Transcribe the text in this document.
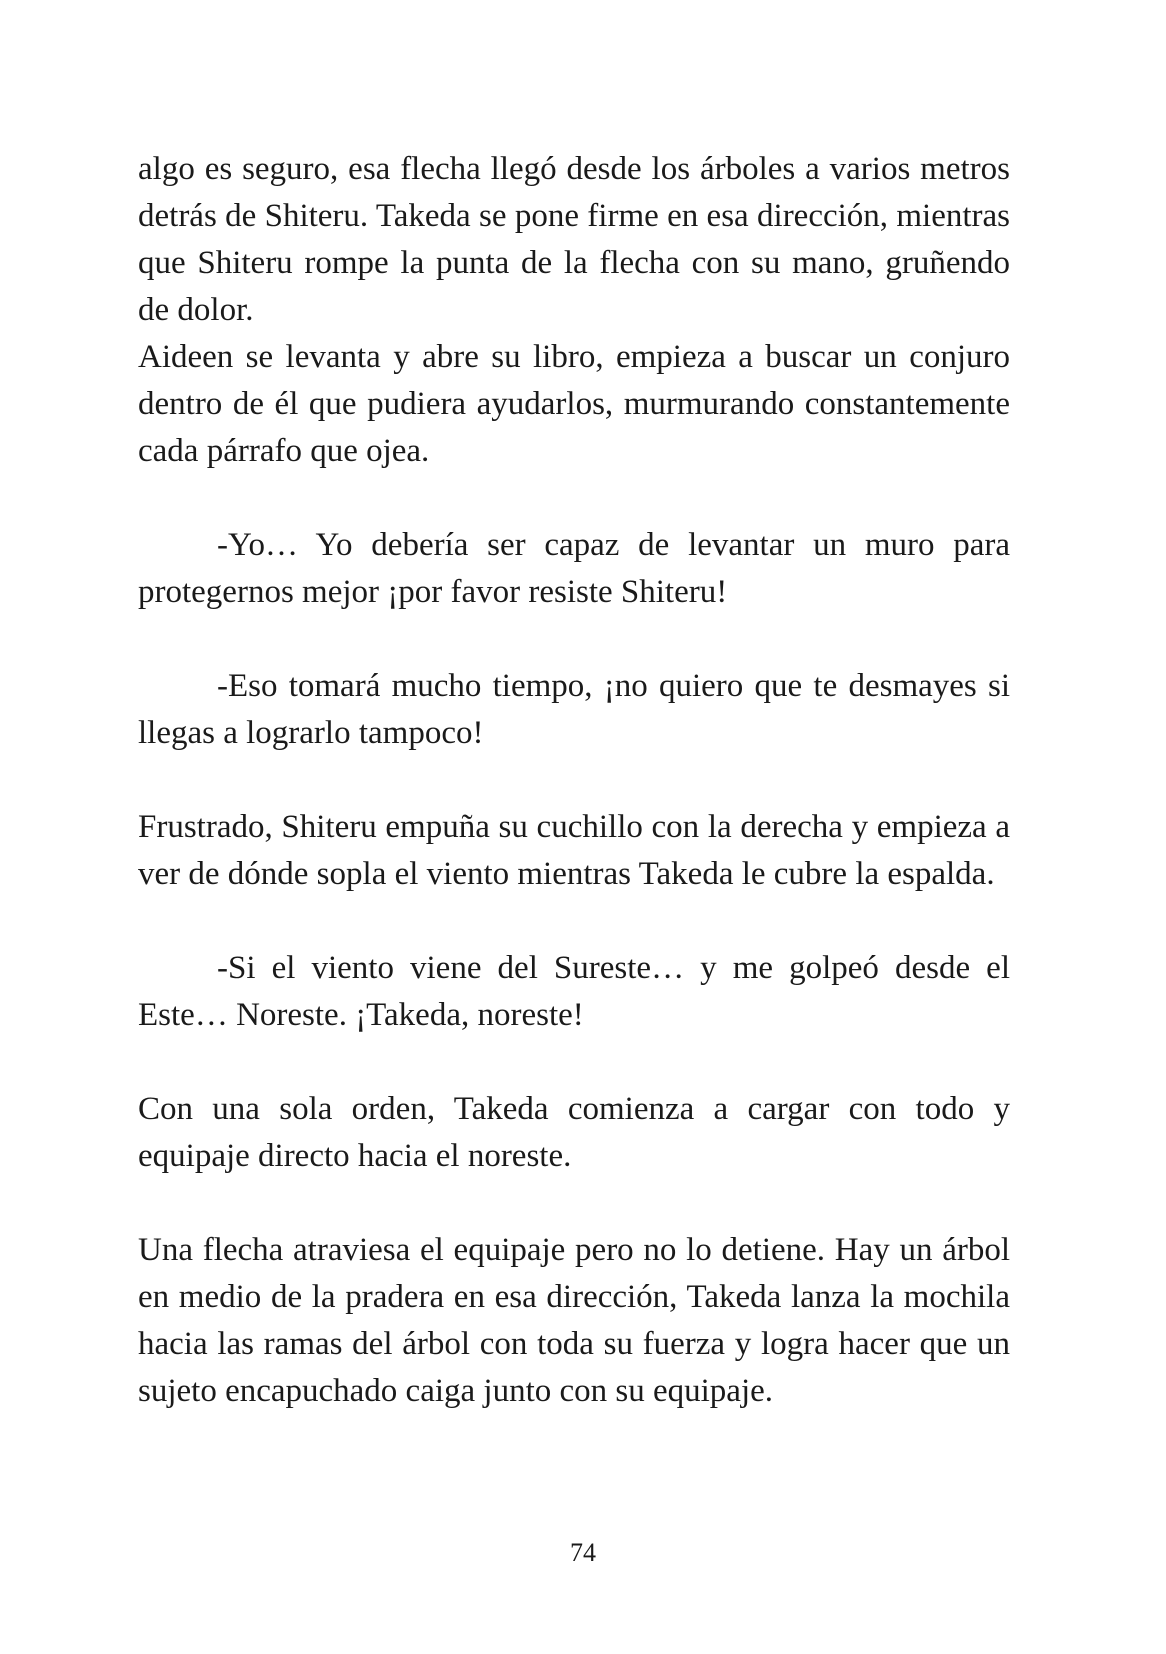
algo es seguro, esa flecha llegó desde los árboles a varios metros detrás de Shiteru. Takeda se pone firme en esa dirección, mientras que Shiteru rompe la punta de la flecha con su mano, gruñendo de dolor.

Aideen se levanta y abre su libro, empieza a buscar un conjuro dentro de él que pudiera ayudarlos, murmurando constantemente cada párrafo que ojea.

-Yo… Yo debería ser capaz de levantar un muro para protegernos mejor ¡por favor resiste Shiteru!

-Eso tomará mucho tiempo, ¡no quiero que te desmayes si llegas a lograrlo tampoco!

Frustrado, Shiteru empuña su cuchillo con la derecha y empieza a ver de dónde sopla el viento mientras Takeda le cubre la espalda.

-Si el viento viene del Sureste… y me golpeó desde el Este… Noreste. ¡Takeda, noreste!

Con una sola orden, Takeda comienza a cargar con todo y equipaje directo hacia el noreste.

Una flecha atraviesa el equipaje pero no lo detiene. Hay un árbol en medio de la pradera en esa dirección, Takeda lanza la mochila hacia las ramas del árbol con toda su fuerza y logra hacer que un sujeto encapuchado caiga junto con su equipaje.

74
